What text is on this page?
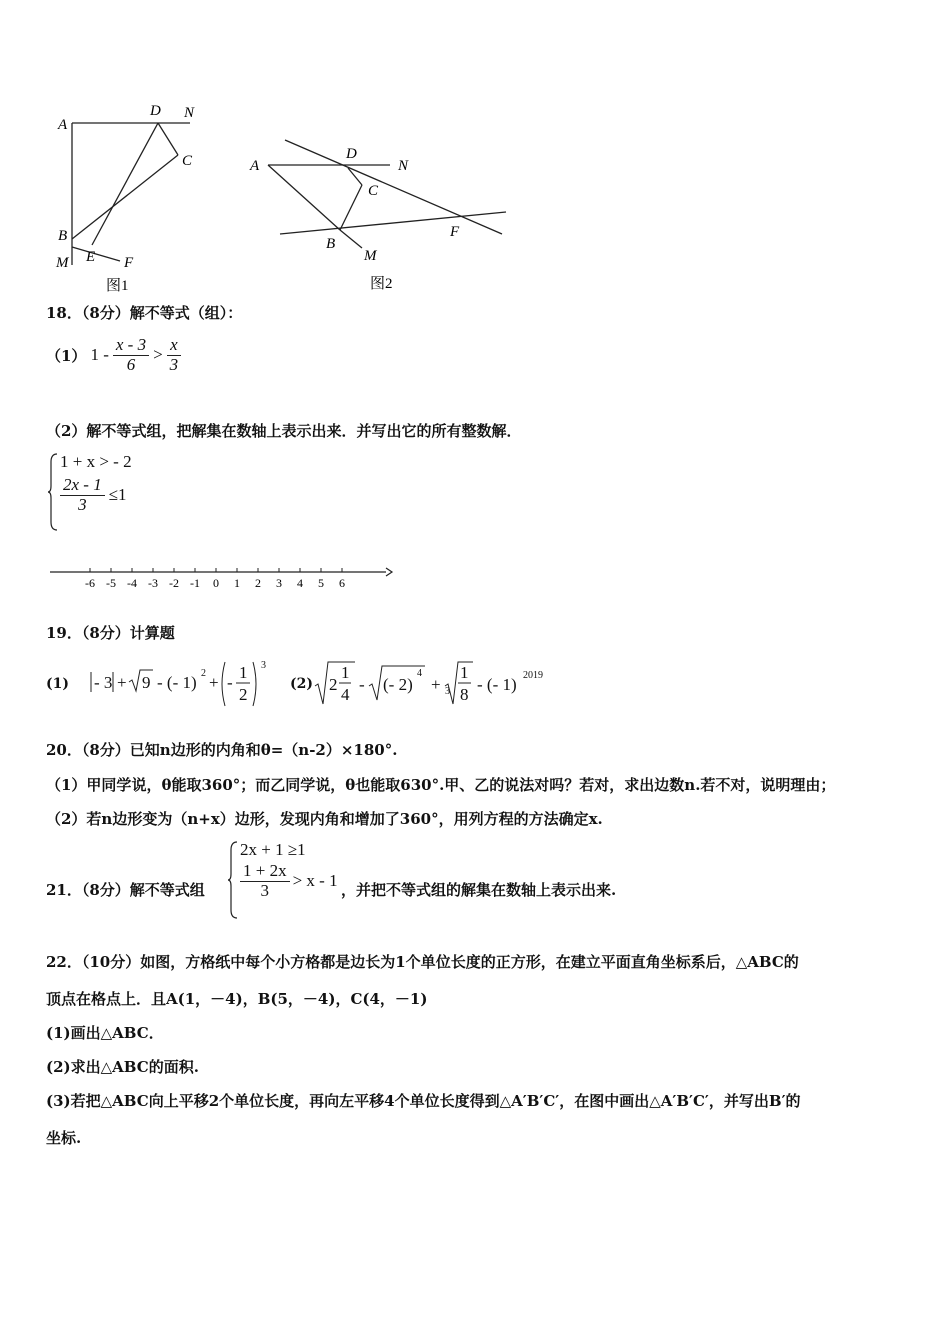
A
D N
C
B
M E F
图1
A
D
N
C
B
M
F
图2
18．（8分）解不等式（组）：
（1） $1 - \frac{x - 3}{6} > \frac{x}{3}$
（2）解不等式组，把解集在数轴上表示出来．并写出它的所有整数解．
1 + x > - 2
$\frac{2x - 1}{3} \le 1$
-6 -5 -4 -3 -2 -1 0 1 2 3 4 5 6
19．（8分）计算题
(1) - 3 + 9 - (- 1) 2 + -
1
2
3
(2) 2
1
4
- (- 2)
4
+ 3
1
8
- (- 1) 2019
20．（8分）已知n边形的内角和θ=（n-2）×180°.
（1）甲同学说，θ能取360°；而乙同学说，θ也能取630°.甲、乙的说法对吗？若对，求出边数n.若不对，说明理由；
（2）若n边形变为（n+x）边形，发现内角和增加了360°，用列方程的方法确定x.
21．（8分）解不等式组
2x + 1 ≥1
$\frac{1 + 2x}{3} > x - 1$ ，并把不等式组的解集在数轴上表示出来.
22．（10分）如图，方格纸中每个小方格都是边长为1个单位长度的正方形，在建立平面直角坐标系后，△ABC的
顶点在格点上．且A(1，－4)，B(5，－4)，C(4，－1)
(1)画出△ABC．
(2)求出△ABC的面积.
(3)若把△ABC向上平移2个单位长度，再向左平移4个单位长度得到△A′B′C′，在图中画出△A′B′C′，并写出B′的
坐标.
